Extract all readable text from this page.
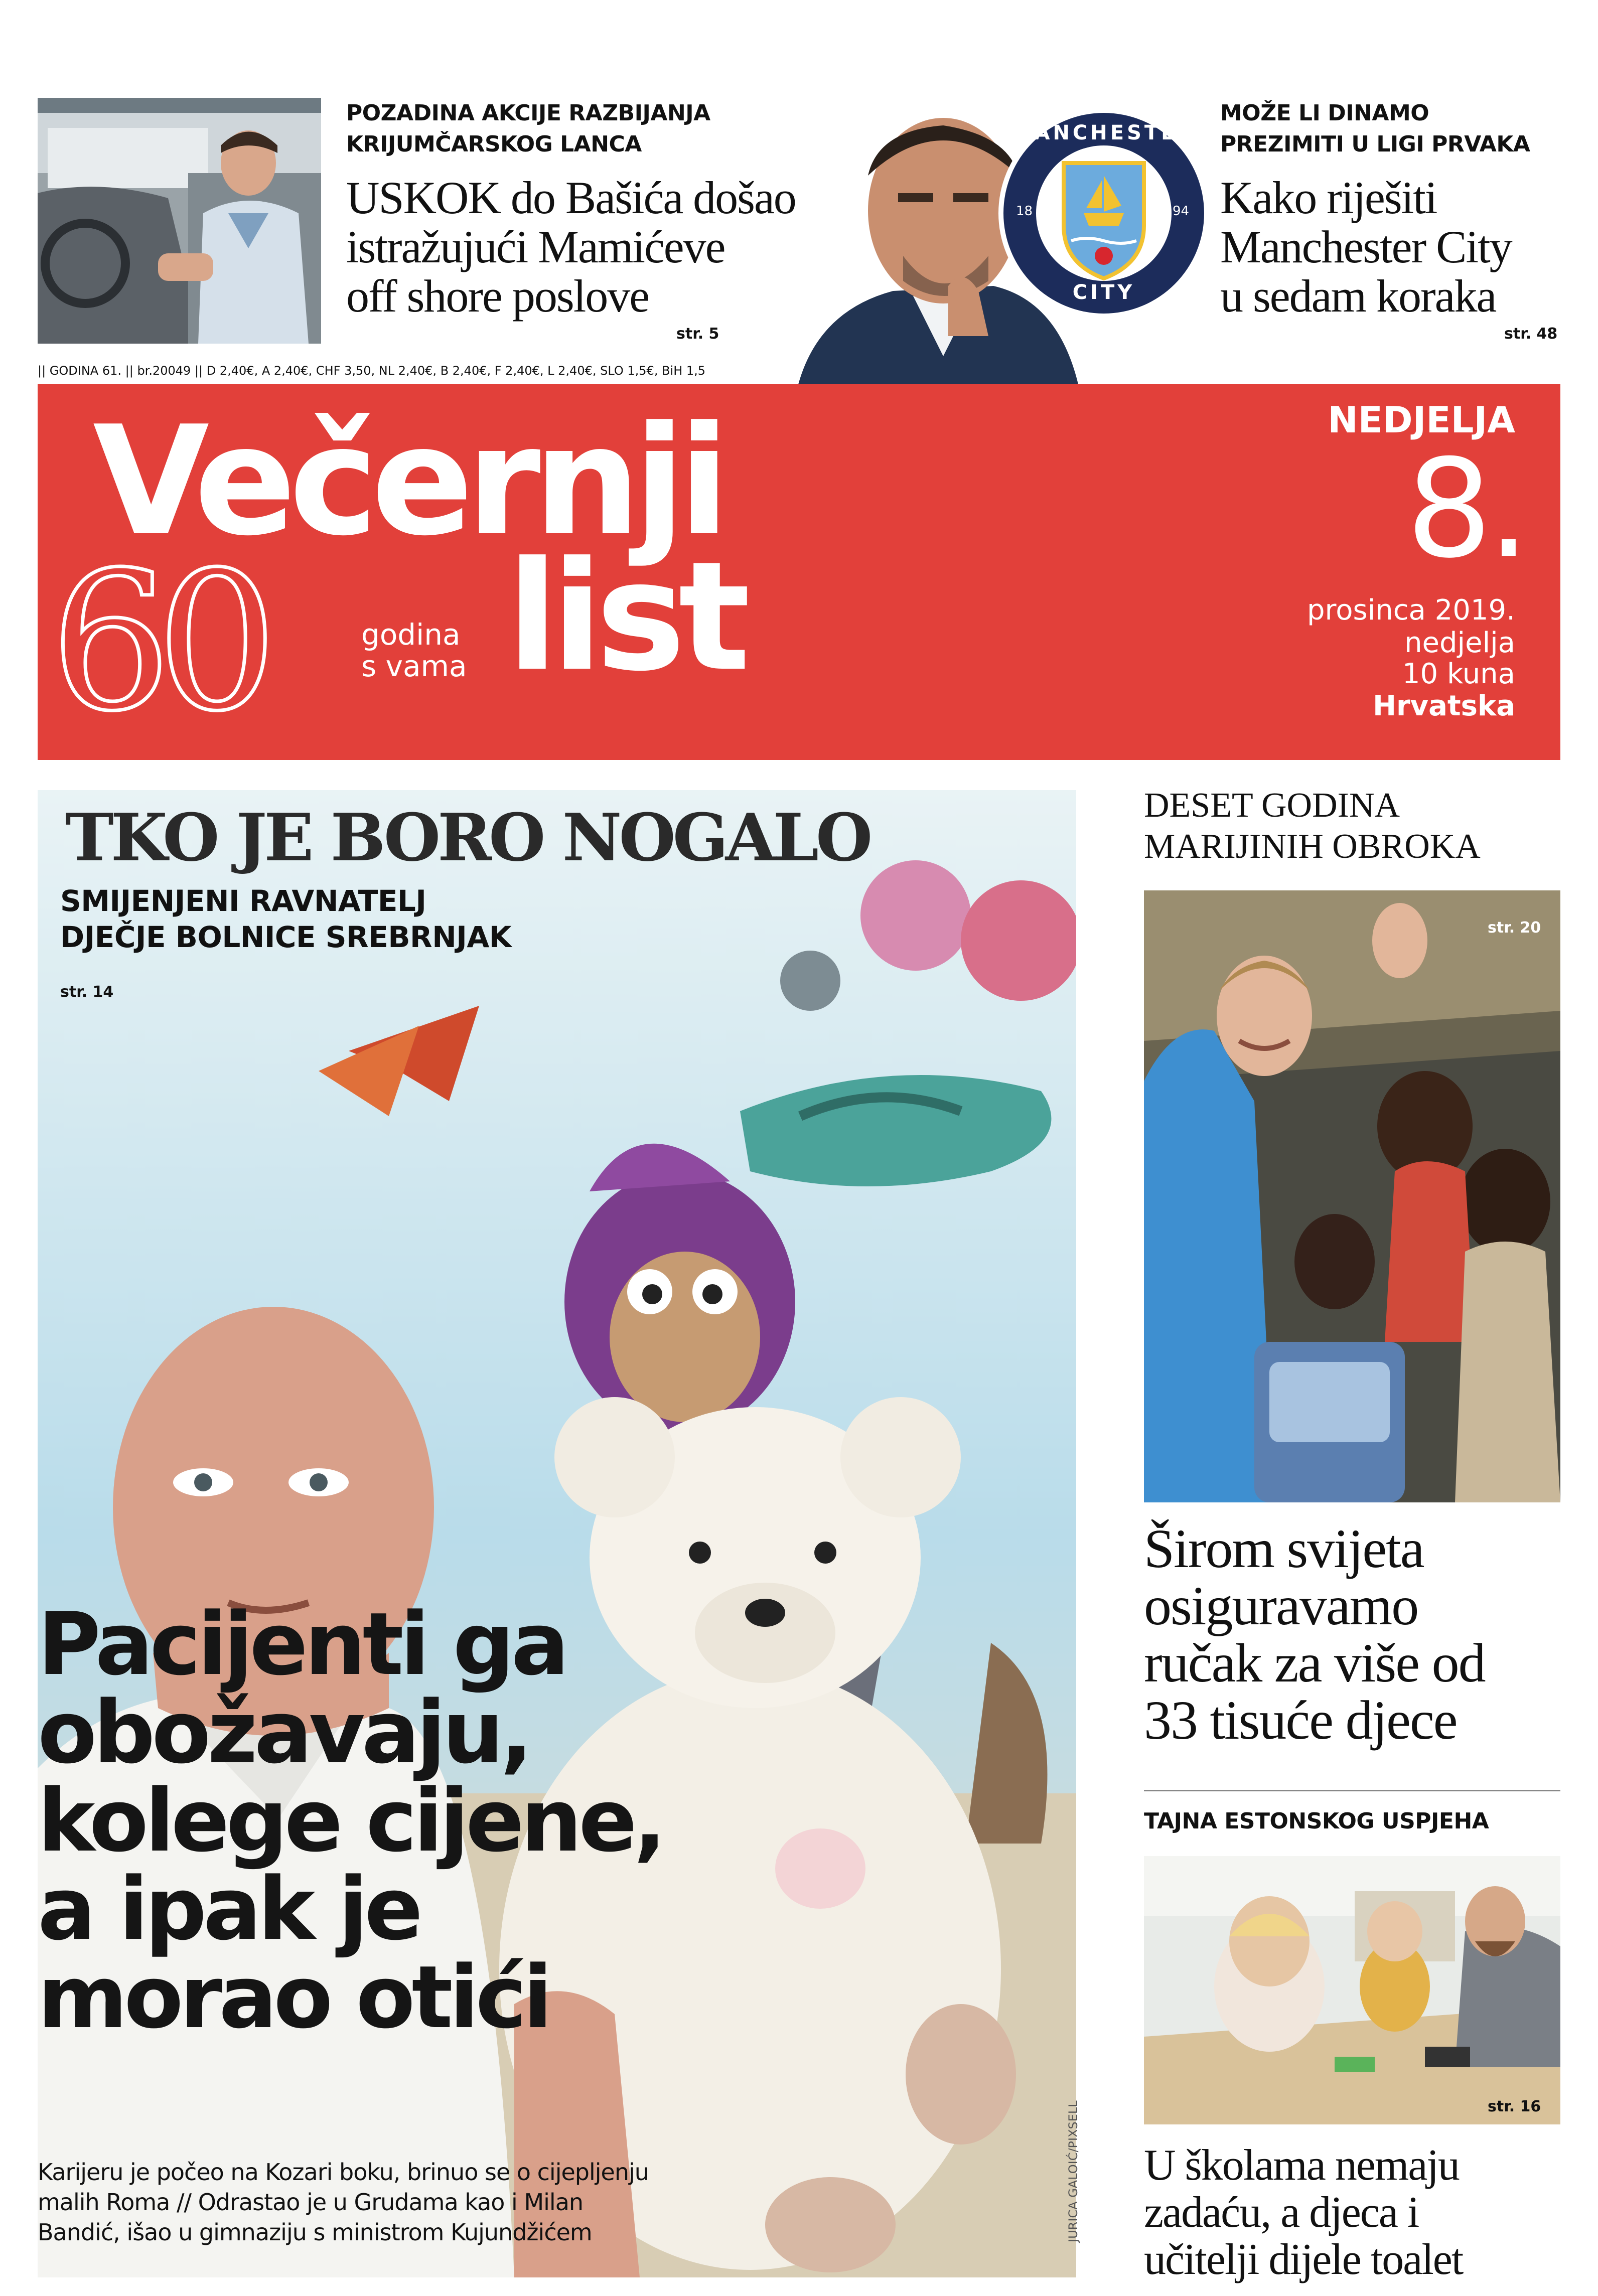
POZADINA AKCIJE RAZBIJANJA
KRIJUMČARSKOG LANCA
USKOK do Bašića došao
istražujući Mamićeve
off shore poslove
str. 5
MANCHESTER
CITY
18	94
MOŽE LI DINAMO
PREZIMITI U LIGI PRVAKA
Kako riješiti
Manchester City
u sedam koraka
str. 48
|| GODINA 61. || br.20049 || D 2,40€, A 2,40€, CHF 3,50, NL 2,40€, B 2,40€, F 2,40€, L 2,40€, SLO 1,5€, BiH 1,5
Večernji
list
60	godina
s vama
NEDJELJA
8.
prosinca 2019.
nedjelja
10 kuna
Hrvatska
TKO JE BORO NOGALO
SMIJENJENI RAVNATELJ
DJEČJE BOLNICE SREBRNJAK
str. 14
Pacijenti ga
obožavaju,
kolege cijene,
a ipak je
morao otići
Karijeru je počeo na Kozari boku, brinuo se o cijepljenju
malih Roma // Odrastao je u Grudama kao i Milan
Bandić, išao u gimnaziju s ministrom Kujundžićem	JURICA GALOIĆ/PIXSELL
DESET GODINA
MARIJINIH OBROKA
str. 20
Širom svijeta
osiguravamo
ručak za više od
33 tisuće djece
TAJNA ESTONSKOG USPJEHA
str. 16
U školama nemaju
zadaću, a djeca i
učitelji dijele toalet
